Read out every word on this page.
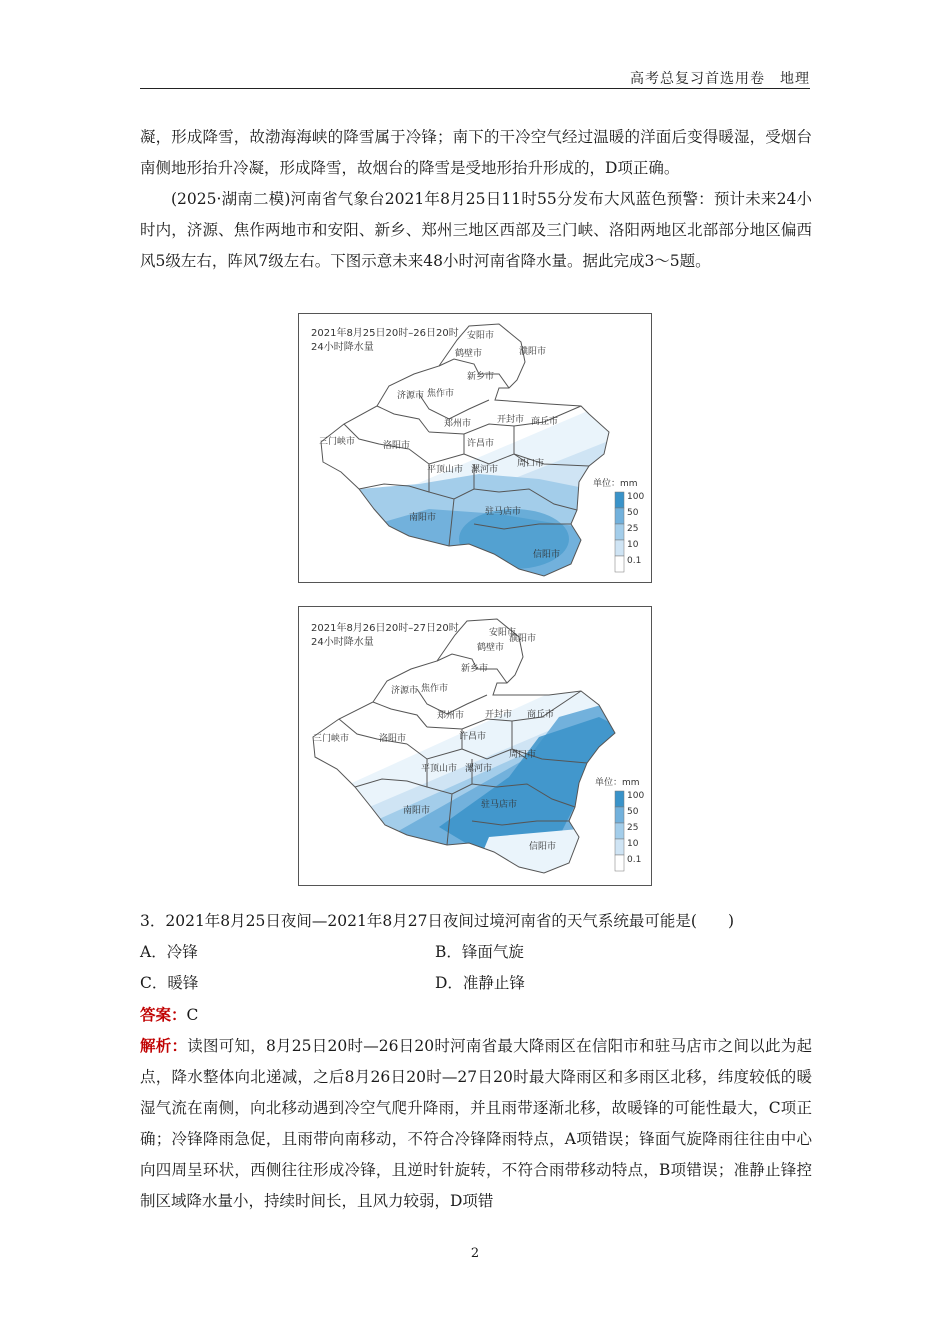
高考总复习首选用卷　地理
凝，形成降雪，故渤海海峡的降雪属于冷锋；南下的干冷空气经过温暖的洋面后变得暖湿，受烟台南侧地形抬升冷凝，形成降雪，故烟台的降雪是受地形抬升形成的，D项正确。
(2025·湖南二模)河南省气象台2021年8月25日11时55分发布大风蓝色预警：预计未来24小时内，济源、焦作两地市和安阳、新乡、郑州三地区西部及三门峡、洛阳两地区北部部分地区偏西风5级左右，阵风7级左右。下图示意未来48小时河南省降水量。据此完成3～5题。
2021年8月25日20时–26日20时
24小时降水量
安阳市
鹤壁市	濮阳市
新乡市
济源市 焦作市
郑州市	开封市 商丘市
三门峡市	洛阳市	许昌市
平顶山市 漯河市
周口市
南阳市
驻马店市
信阳市
单位：mm
100
50
25
10
0.1
2021年8月26日20时–27日20时
24小时降水量
安阳市
鹤壁市
濮阳市
新乡市
济源市 焦作市
郑州市 开封市 商丘市
三门峡市	洛阳市	许昌市
平顶山市 漯河市
周口市
南阳市
驻马店市
信阳市
单位：mm
100
50
25
10
0.1
3．2021年8月25日夜间—2021年8月27日夜间过境河南省的天气系统最可能是(　　)
A．冷锋	B．锋面气旋
C．暖锋	D．准静止锋
答案：C
解析：读图可知，8月25日20时—26日20时河南省最大降雨区在信阳市和驻马店市之间以此为起点，降水整体向北递减，之后8月26日20时—27日20时最大降雨区和多雨区北移，纬度较低的暖湿气流在南侧，向北移动遇到冷空气爬升降雨，并且雨带逐渐北移，故暖锋的可能性最大，C项正确；冷锋降雨急促，且雨带向南移动，不符合冷锋降雨特点，A项错误；锋面气旋降雨往往由中心向四周呈环状，西侧往往形成冷锋，且逆时针旋转，不符合雨带移动特点，B项错误；准静止锋控制区域降水量小，持续时间长，且风力较弱，D项错
2
